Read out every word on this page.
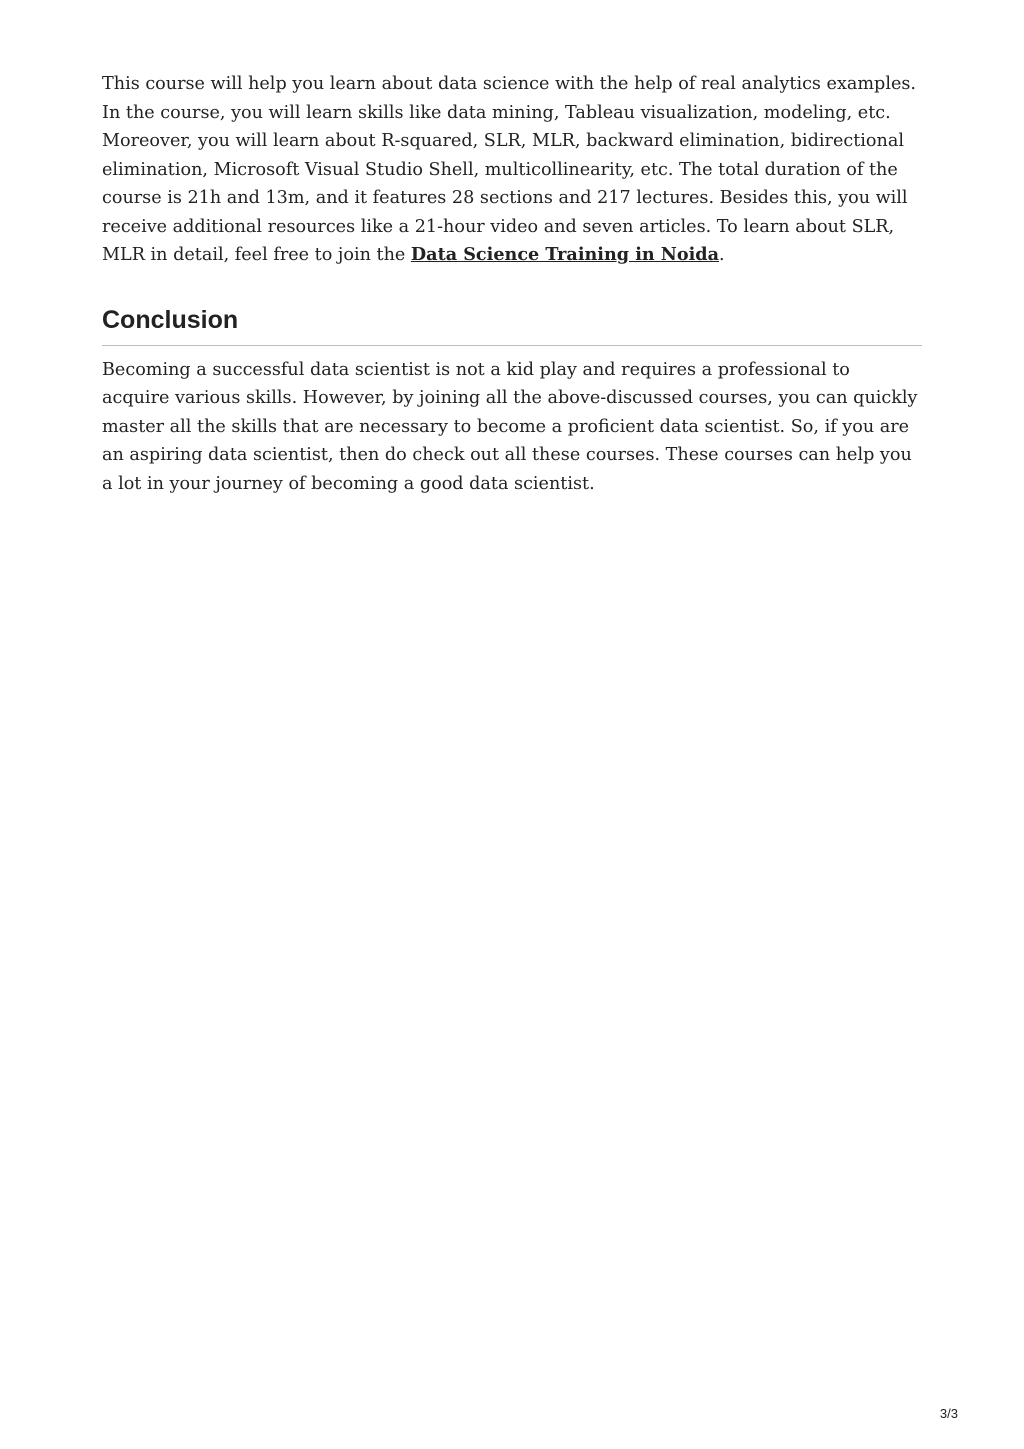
This course will help you learn about data science with the help of real analytics examples. In the course, you will learn skills like data mining, Tableau visualization, modeling, etc. Moreover, you will learn about R-squared, SLR, MLR, backward elimination, bidirectional elimination, Microsoft Visual Studio Shell, multicollinearity, etc. The total duration of the course is 21h and 13m, and it features 28 sections and 217 lectures. Besides this, you will receive additional resources like a 21-hour video and seven articles. To learn about SLR, MLR in detail, feel free to join the Data Science Training in Noida.

Conclusion

Becoming a successful data scientist is not a kid play and requires a professional to acquire various skills. However, by joining all the above-discussed courses, you can quickly master all the skills that are necessary to become a proficient data scientist. So, if you are an aspiring data scientist, then do check out all these courses. These courses can help you a lot in your journey of becoming a good data scientist.

3/3
